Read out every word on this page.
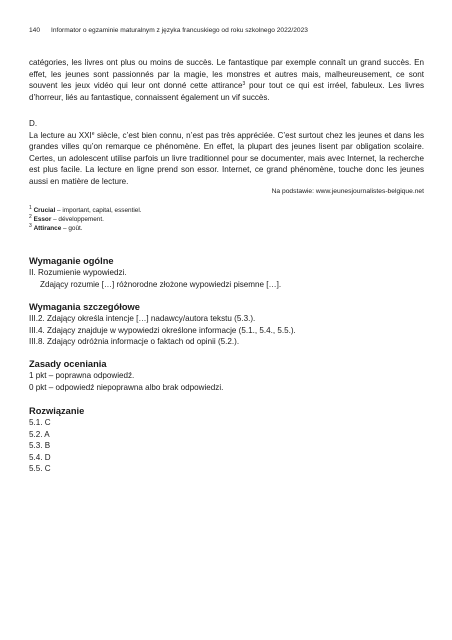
140 Informator o egzaminie maturalnym z języka francuskiego od roku szkolnego 2022/2023
catégories, les livres ont plus ou moins de succès. Le fantastique par exemple connaît un grand succès. En effet, les jeunes sont passionnés par la magie, les monstres et autres mais, malheureusement, ce sont souvent les jeux vidéo qui leur ont donné cette attirance$^3$ pour tout ce qui est irréel, fabuleux. Les livres d’horreur, liés au fantastique, connaissent également un vif succès.
D.
La lecture au XXIe siècle, c’est bien connu, n’est pas très appréciée. C’est surtout chez les jeunes et dans les grandes villes qu’on remarque ce phénomène. En effet, la plupart des jeunes lisent par obligation scolaire. Certes, un adolescent utilise parfois un livre traditionnel pour se documenter, mais avec Internet, la recherche est plus facile. La lecture en ligne prend son essor. Internet, ce grand phénomène, touche donc les jeunes aussi en matière de lecture.
Na podstawie: www.jeunesjournalistes-belgique.net
$^1$ Crucial – important, capital, essentiel.
$^2$ Essor – développement.
$^3$ Attirance – goût.
Wymaganie ogólne
II. Rozumienie wypowiedzi.
Zdający rozumie […] różnorodne złożone wypowiedzi pisemne […].
Wymagania szczegółowe
III.2. Zdający określa intencje […] nadawcy/autora tekstu (5.3.).
III.4. Zdający znajduje w wypowiedzi określone informacje (5.1., 5.4., 5.5.).
III.8. Zdający odróżnia informacje o faktach od opinii (5.2.).
Zasady oceniania
1 pkt – poprawna odpowiedź.
0 pkt – odpowiedź niepoprawna albo brak odpowiedzi.
Rozwiązanie
5.1. C
5.2. A
5.3. B
5.4. D
5.5. C
